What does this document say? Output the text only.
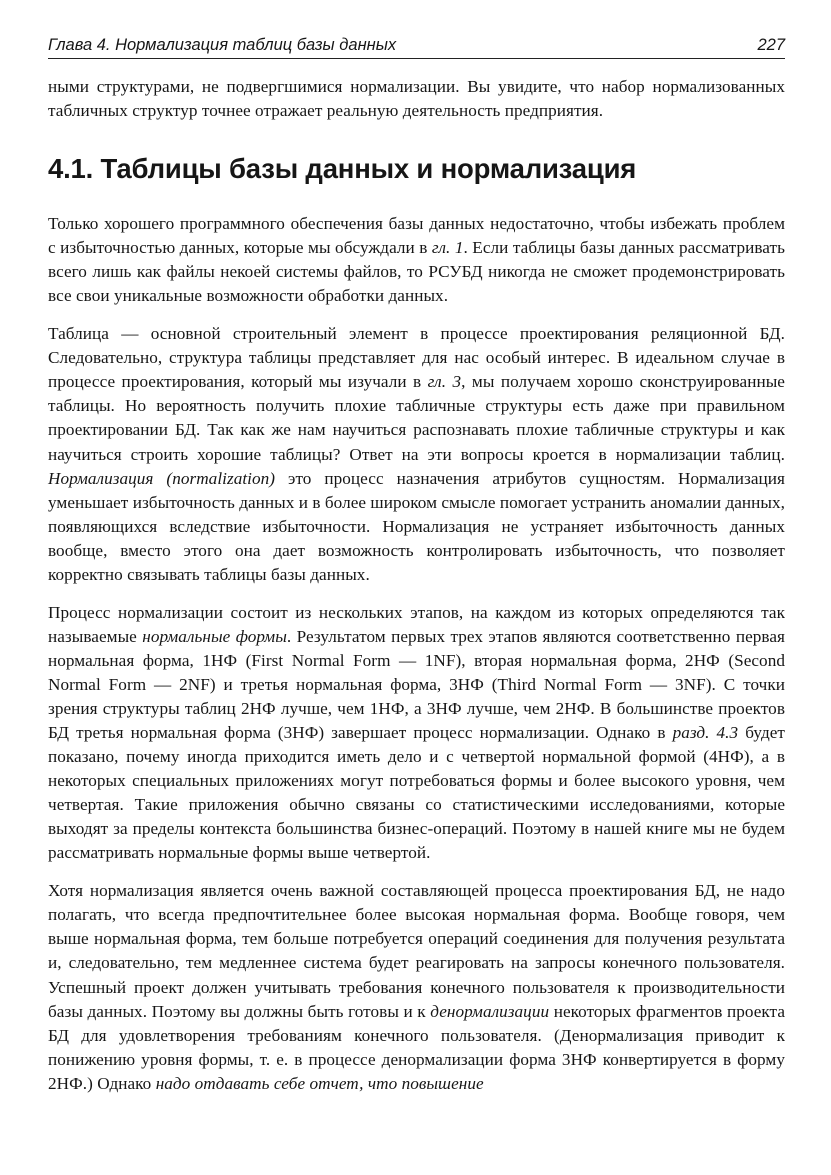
Глава 4. Нормализация таблиц базы данных	227

ными структурами, не подвергшимися нормализации. Вы увидите, что набор нормализованных табличных структур точнее отражает реальную деятельность предприятия.

4.1. Таблицы базы данных и нормализация

Только хорошего программного обеспечения базы данных недостаточно, чтобы избежать проблем с избыточностью данных, которые мы обсуждали в гл. 1. Если таблицы базы данных рассматривать всего лишь как файлы некоей системы файлов, то РСУБД никогда не сможет продемонстрировать все свои уникальные возможности обработки данных.

Таблица — основной строительный элемент в процессе проектирования реляционной БД. Следовательно, структура таблицы представляет для нас особый интерес. В идеальном случае в процессе проектирования, который мы изучали в гл. 3, мы получаем хорошо сконструированные таблицы. Но вероятность получить плохие табличные структуры есть даже при правильном проектировании БД. Так как же нам научиться распознавать плохие табличные структуры и как научиться строить хорошие таблицы? Ответ на эти вопросы кроется в нормализации таблиц. Нормализация (normalization) это процесс назначения атрибутов сущностям. Нормализация уменьшает избыточность данных и в более широком смысле помогает устранить аномалии данных, появляющихся вследствие избыточности. Нормализация не устраняет избыточность данных вообще, вместо этого она дает возможность контролировать избыточность, что позволяет корректно связывать таблицы базы данных.

Процесс нормализации состоит из нескольких этапов, на каждом из которых определяются так называемые нормальные формы. Результатом первых трех этапов являются соответственно первая нормальная форма, 1НФ (First Normal Form — 1NF), вторая нормальная форма, 2НФ (Second Normal Form — 2NF) и третья нормальная форма, 3НФ (Third Normal Form — 3NF). С точки зрения структуры таблиц 2НФ лучше, чем 1НФ, а 3НФ лучше, чем 2НФ. В большинстве проектов БД третья нормальная форма (3НФ) завершает процесс нормализации. Однако в разд. 4.3 будет показано, почему иногда приходится иметь дело и с четвертой нормальной формой (4НФ), а в некоторых специальных приложениях могут потребоваться формы и более высокого уровня, чем четвертая. Такие приложения обычно связаны со статистическими исследованиями, которые выходят за пределы контекста большинства бизнес-операций. Поэтому в нашей книге мы не будем рассматривать нормальные формы выше четвертой.

Хотя нормализация является очень важной составляющей процесса проектирования БД, не надо полагать, что всегда предпочтительнее более высокая нормальная форма. Вообще говоря, чем выше нормальная форма, тем больше потребуется операций соединения для получения результата и, следовательно, тем медленнее система будет реагировать на запросы конечного пользователя. Успешный проект должен учитывать требования конечного пользователя к производительности базы данных. Поэтому вы должны быть готовы и к денормализации некоторых фрагментов проекта БД для удовлетворения требованиям конечного пользователя. (Денормализация приводит к понижению уровня формы, т. е. в процессе денормализации форма 3НФ конвертируется в форму 2НФ.) Однако надо отдавать себе отчет, что повышение
